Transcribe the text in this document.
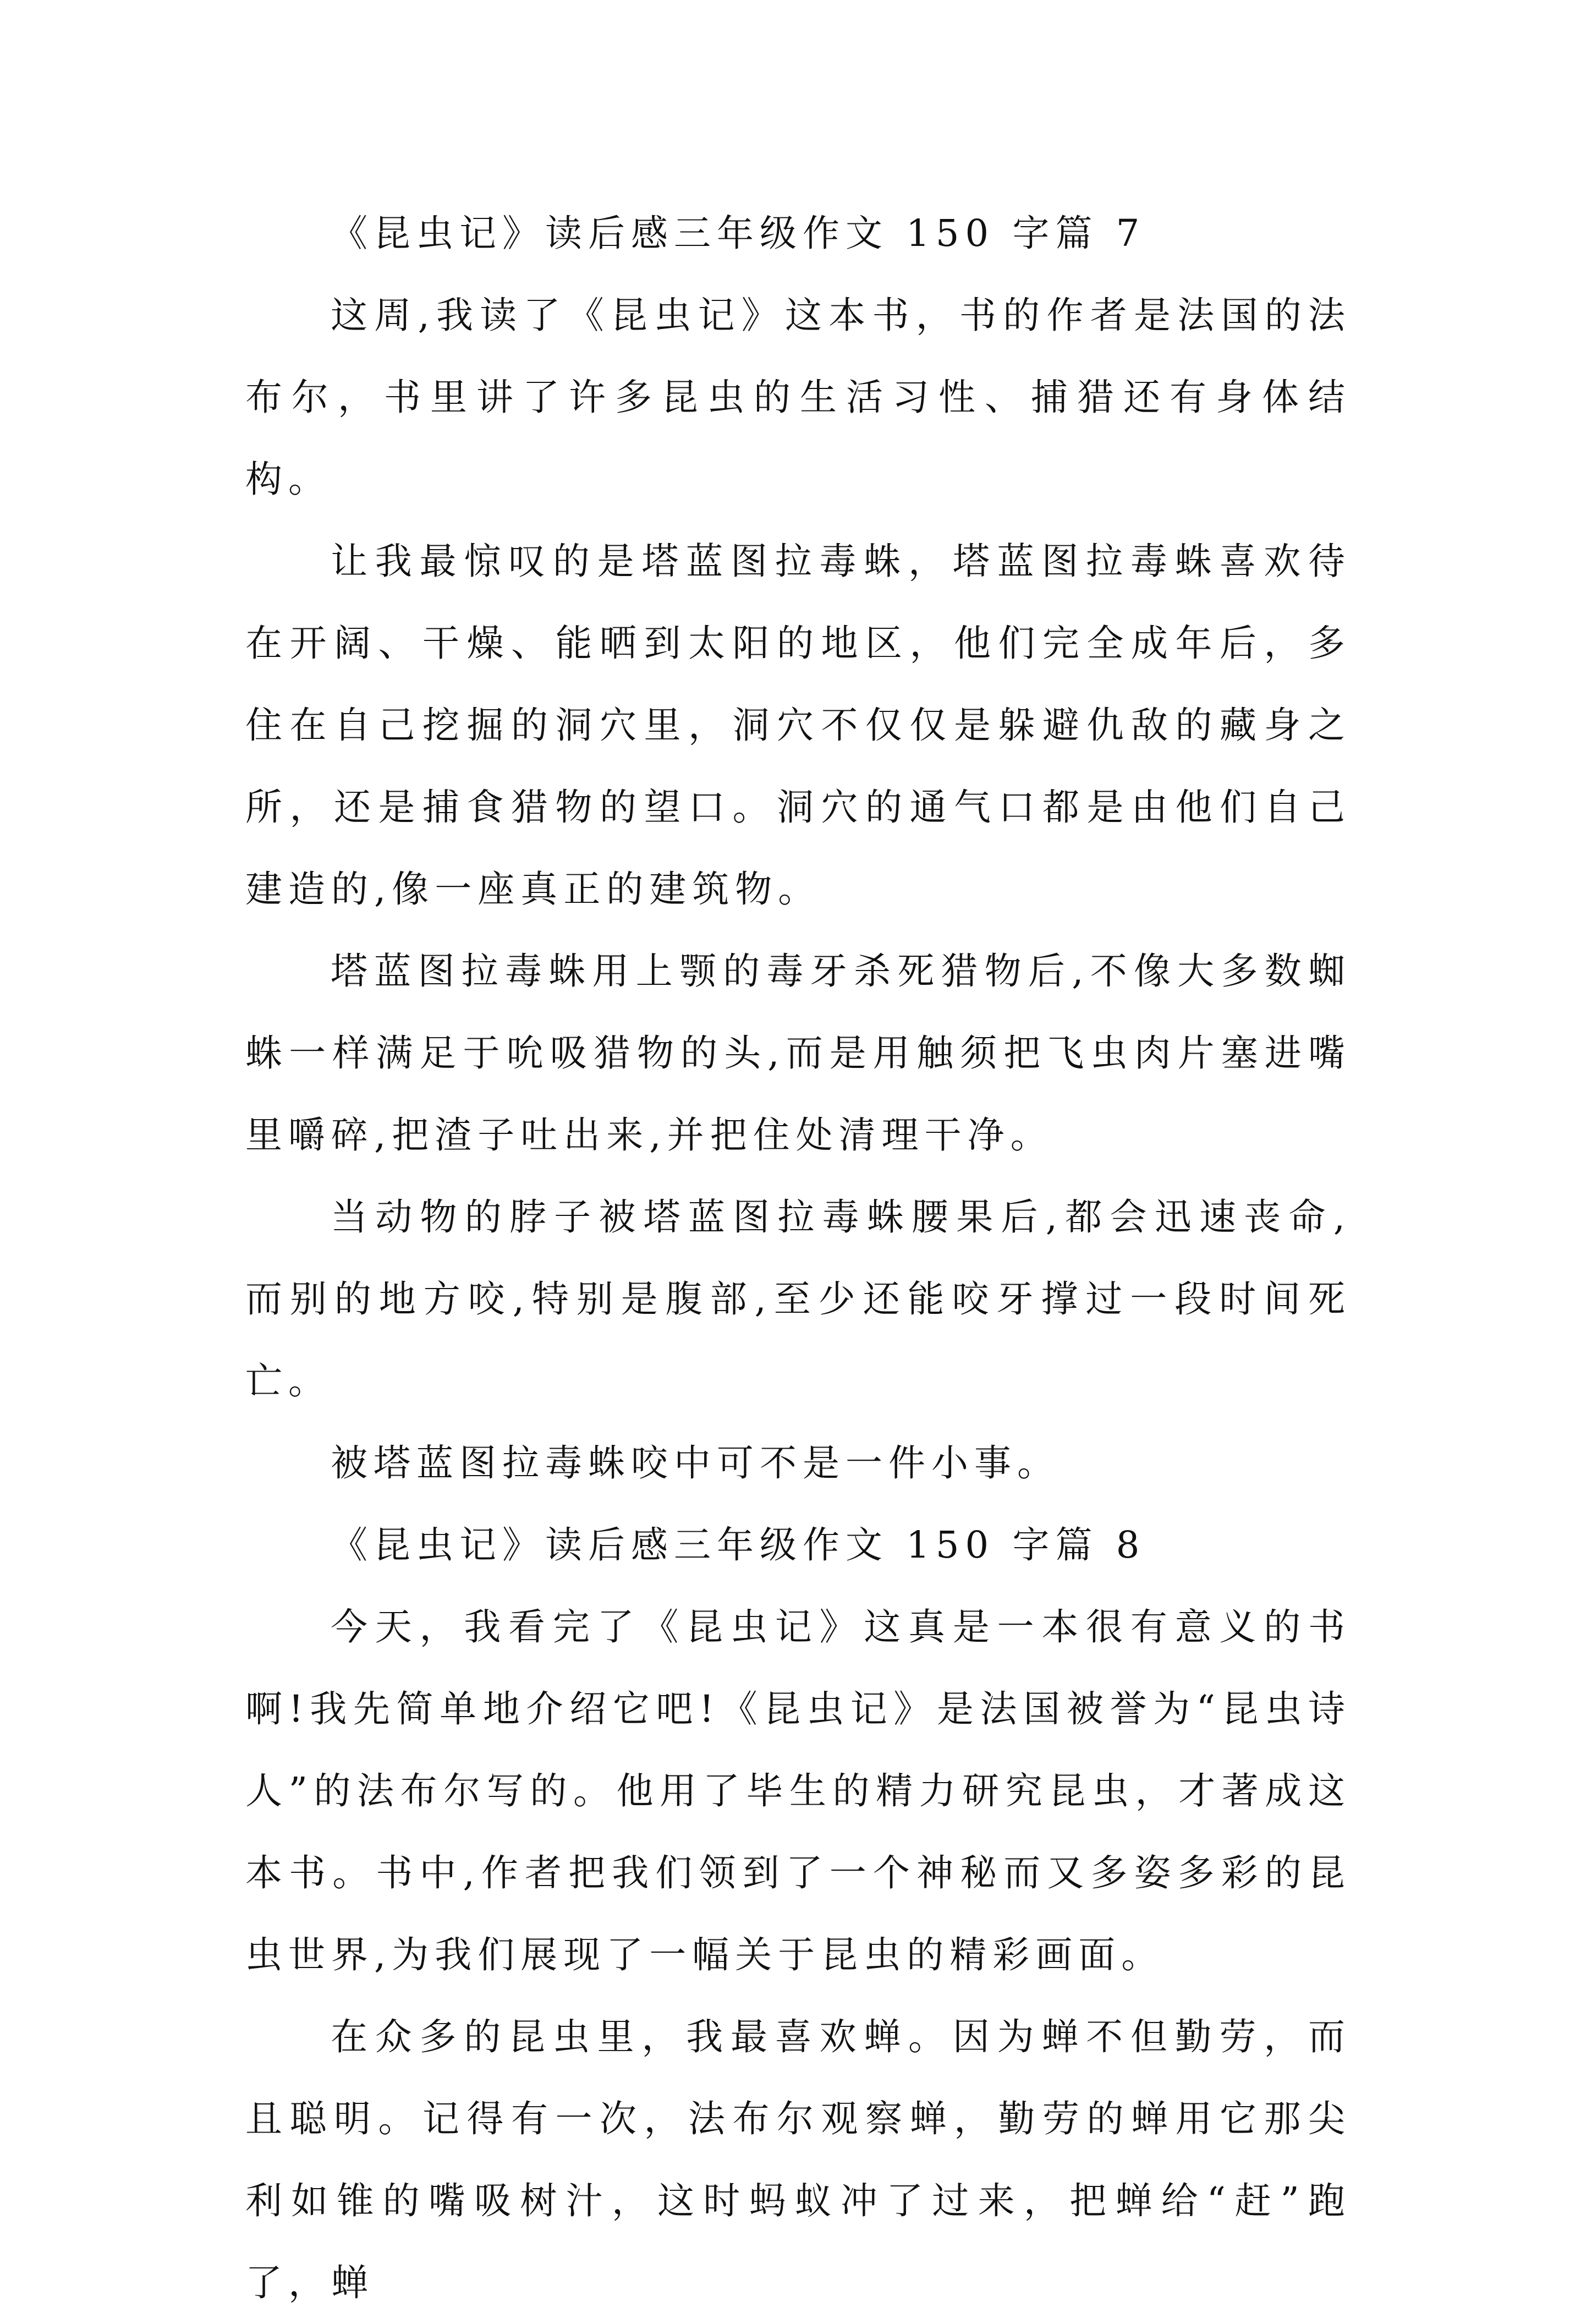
《昆虫记》读后感三年级作文 150 字篇 7

这周,我读了《昆虫记》这本书，书的作者是法国的法布尔，书里讲了许多昆虫的生活习性、捕猎还有身体结构。

让我最惊叹的是塔蓝图拉毒蛛，塔蓝图拉毒蛛喜欢待在开阔、干燥、能晒到太阳的地区，他们完全成年后，多住在自己挖掘的洞穴里，洞穴不仅仅是躲避仇敌的藏身之所，还是捕食猎物的望口。洞穴的通气口都是由他们自己建造的,像一座真正的建筑物。

塔蓝图拉毒蛛用上颚的毒牙杀死猎物后,不像大多数蜘蛛一样满足于吮吸猎物的头,而是用触须把飞虫肉片塞进嘴里嚼碎,把渣子吐出来,并把住处清理干净。

当动物的脖子被塔蓝图拉毒蛛腰果后,都会迅速丧命,而别的地方咬,特别是腹部,至少还能咬牙撑过一段时间死亡。

被塔蓝图拉毒蛛咬中可不是一件小事。

《昆虫记》读后感三年级作文 150 字篇 8

今天，我看完了《昆虫记》这真是一本很有意义的书啊!我先简单地介绍它吧!《昆虫记》是法国被誉为“昆虫诗人”的法布尔写的。他用了毕生的精力研究昆虫，才著成这本书。书中,作者把我们领到了一个神秘而又多姿多彩的昆虫世界,为我们展现了一幅关于昆虫的精彩画面。

在众多的昆虫里，我最喜欢蝉。因为蝉不但勤劳，而且聪明。记得有一次，法布尔观察蝉，勤劳的蝉用它那尖利如锥的嘴吸树汁，这时蚂蚁冲了过来，把蝉给“赶”跑了，蝉
